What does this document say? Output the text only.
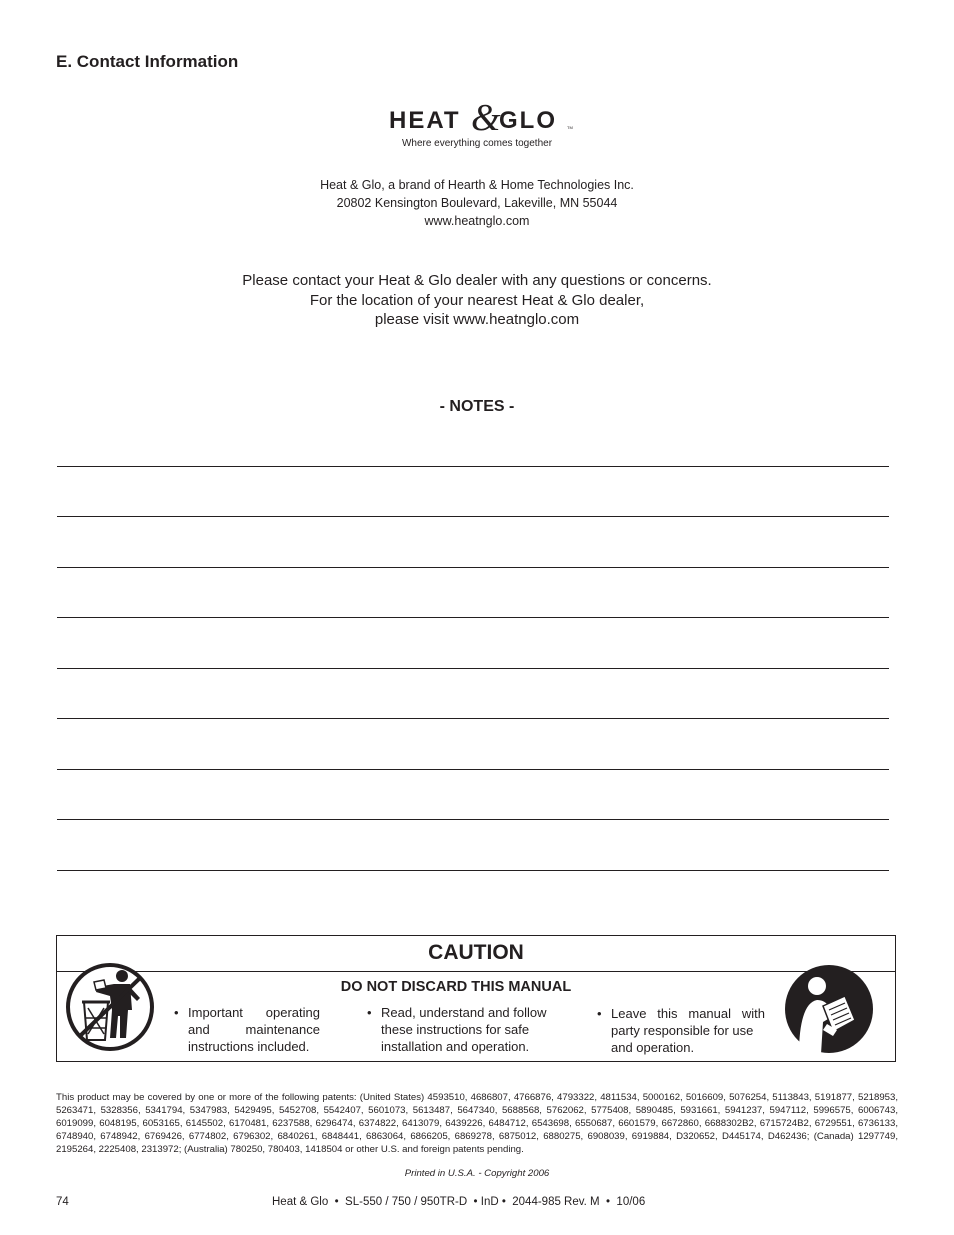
E. Contact Information
HEAT &
GLO	TM
Where everything comes together
Heat & Glo, a brand of Hearth & Home Technologies Inc.
20802 Kensington Boulevard, Lakeville, MN 55044
www.heatnglo.com
Please contact your Heat & Glo dealer with any questions or concerns.
For the location of your nearest Heat & Glo dealer,
please visit www.heatnglo.com
- NOTES -
CAUTION
DO NOT DISCARD THIS MANUAL
• Important operating
and maintenance
instructions included.
• Read, understand and follow
these instructions for safe
installation and operation.
• Leave this manual with
party responsible for use
and operation.
This product may be covered by one or more of the following patents: (United States) 4593510, 4686807, 4766876, 4793322, 4811534, 5000162, 5016609, 5076254, 5113843, 5191877, 5218953, 5263471, 5328356, 5341794, 5347983, 5429495, 5452708, 5542407, 5601073, 5613487, 5647340, 5688568, 5762062, 5775408, 5890485, 5931661, 5941237, 5947112, 5996575, 6006743, 6019099, 6048195, 6053165, 6145502, 6170481, 6237588, 6296474, 6374822, 6413079, 6439226, 6484712, 6543698, 6550687, 6601579, 6672860, 6688302B2, 6715724B2, 6729551, 6736133, 6748940, 6748942, 6769426, 6774802, 6796302, 6840261, 6848441, 6863064, 6866205, 6869278, 6875012, 6880275, 6908039, 6919884, D320652, D445174, D462436; (Canada) 1297749, 2195264, 2225408, 2313972; (Australia) 780250, 780403, 1418504 or other U.S. and foreign patents pending.
Printed in U.S.A. - Copyright 2006
74	Heat & Glo  •  SL-550 / 750 / 950TR-D  • InD •  2044-985 Rev. M  •  10/06
